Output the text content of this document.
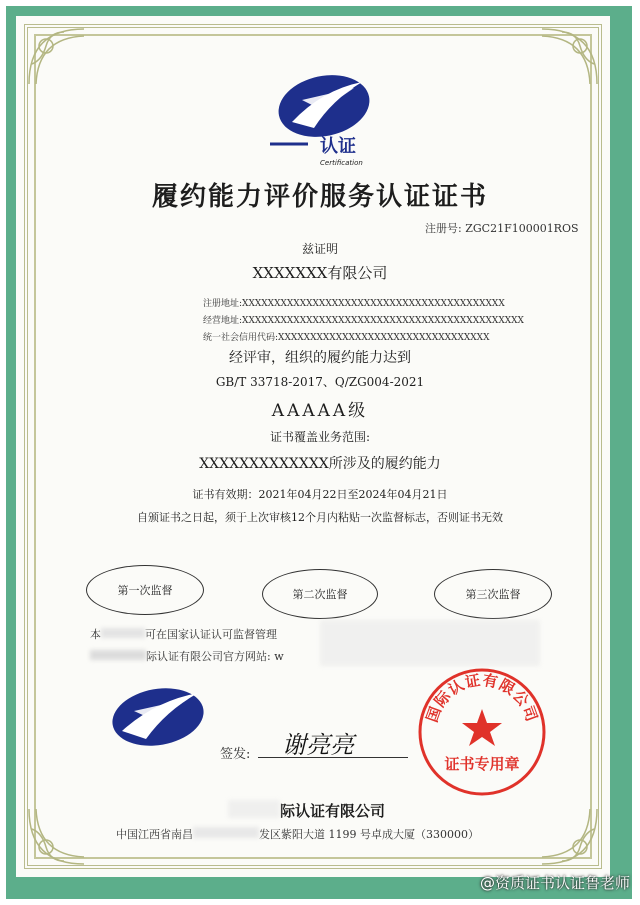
认证
Certification
履约能力评价服务认证证书
注册号: ZGC21F100001ROS
兹证明
XXXXXXX有限公司
注册地址:XXXXXXXXXXXXXXXXXXXXXXXXXXXXXXXXXXXXXXXXX
经营地址:XXXXXXXXXXXXXXXXXXXXXXXXXXXXXXXXXXXXXXXXXXXX
统一社会信用代码:XXXXXXXXXXXXXXXXXXXXXXXXXXXXXXXXX
经评审，组织的履约能力达到
GB/T 33718-2017、Q/ZG004-2021
AAAAA级
证书覆盖业务范围:
XXXXXXXXXXXXX所涉及的履约能力
证书有效期：2021年04月22日至2024年04月21日
自颁证书之日起，须于上次审核12个月内粘贴一次监督标志，否则证书无效
第一次监督	第二次监督	第三次监督
本	可在国家认证认可监督管理
际认证有限公司官方网站: w
签发: 谢亮亮
国际认证有限公司
证书专用章
际认证有限公司
中国江西省南昌	发区紫阳大道 1199 号卓成大厦（330000）
@资质证书认证鲁老师
